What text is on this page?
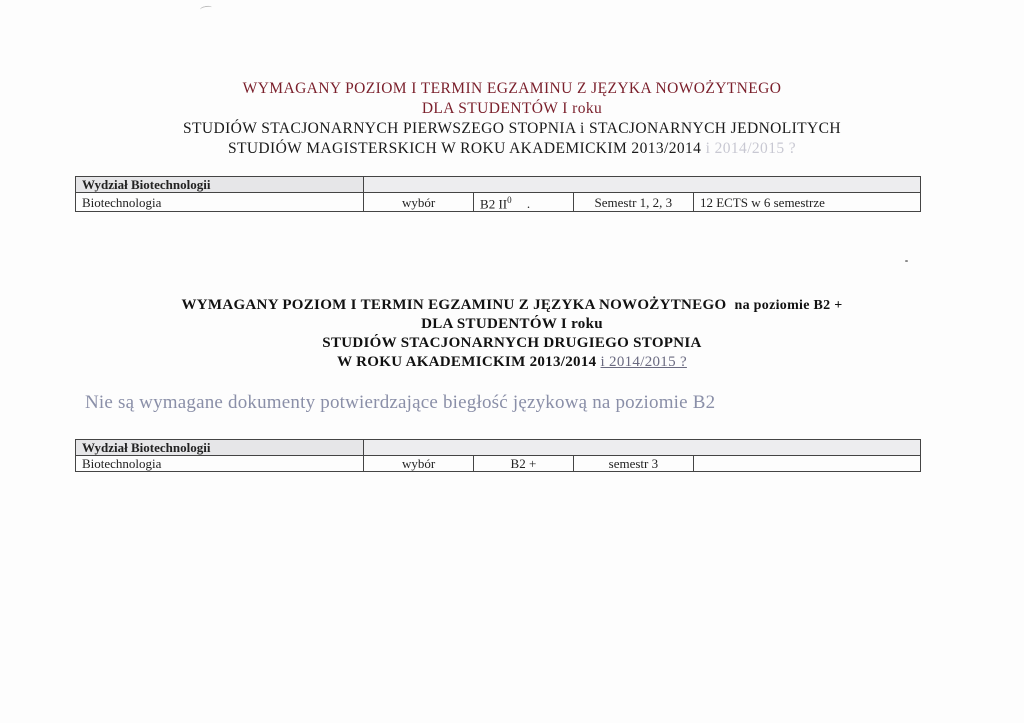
WYMAGANY POZIOM I TERMIN EGZAMINU Z JĘZYKA NOWOŻYTNEGO
DLA STUDENTÓW I roku
STUDIÓW STACJONARNYCH PIERWSZEGO STOPNIA i STACJONARNYCH JEDNOLITYCH
STUDIÓW MAGISTERSKICH W ROKU AKADEMICKIM 2013/2014 i 2014/2015 ?
Wydział Biotechnologii				
Biotechnologia	wybór	B2 $II^0$ .	Semestr 1, 2, 3	12 ECTS w 6 semestrze
WYMAGANY POZIOM I TERMIN EGZAMINU Z JĘZYKA NOWOŻYTNEGO na poziomie B2 +
DLA STUDENTÓW I roku
STUDIÓW STACJONARNYCH DRUGIEGO STOPNIA
W ROKU AKADEMICKIM 2013/2014 i 2014/2015 ?
Nie są wymagane dokumenty potwierdzające biegłość językową na poziomie B2
Wydział Biotechnologii				
Biotechnologia	wybór	B2 +	semestr 3	
